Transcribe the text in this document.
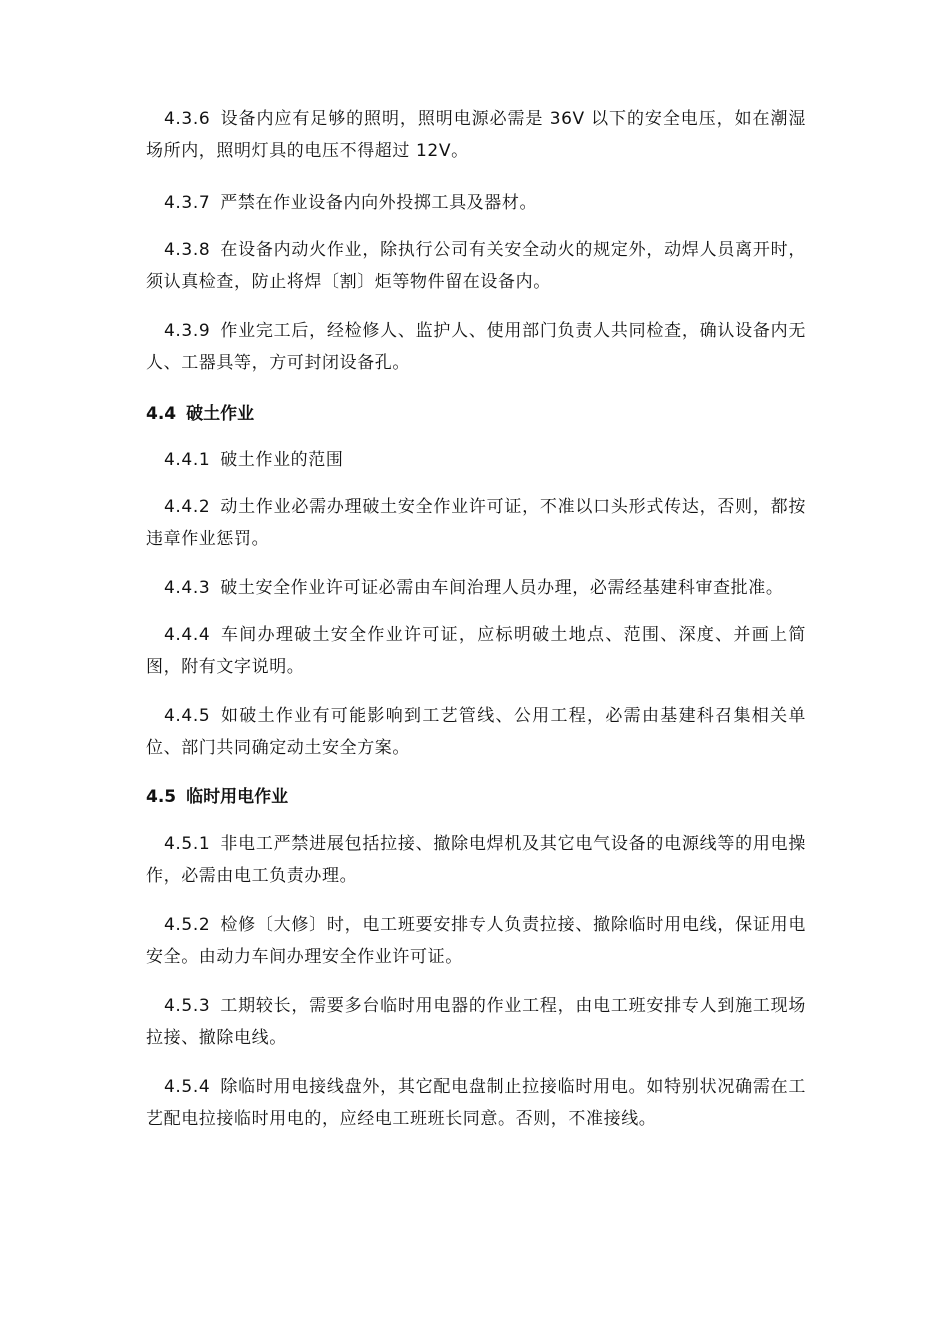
4.3.6 设备内应有足够的照明，照明电源必需是 36V 以下的安全电压，如在潮湿场所内，照明灯具的电压不得超过 12V。

4.3.7 严禁在作业设备内向外投掷工具及器材。

4.3.8 在设备内动火作业，除执行公司有关安全动火的规定外，动焊人员离开时，须认真检查，防止将焊〔割〕炬等物件留在设备内。

4.3.9 作业完工后，经检修人、监护人、使用部门负责人共同检查，确认设备内无人、工器具等，方可封闭设备孔。

4.4 破土作业

4.4.1 破土作业的范围

4.4.2 动土作业必需办理破土安全作业许可证，不准以口头形式传达，否则，都按违章作业惩罚。

4.4.3 破土安全作业许可证必需由车间治理人员办理，必需经基建科审查批准。

4.4.4 车间办理破土安全作业许可证，应标明破土地点、范围、深度、并画上简图，附有文字说明。

4.4.5 如破土作业有可能影响到工艺管线、公用工程，必需由基建科召集相关单位、部门共同确定动土安全方案。

4.5 临时用电作业

4.5.1 非电工严禁进展包括拉接、撤除电焊机及其它电气设备的电源线等的用电操作，必需由电工负责办理。

4.5.2 检修〔大修〕时，电工班要安排专人负责拉接、撤除临时用电线，保证用电安全。由动力车间办理安全作业许可证。

4.5.3 工期较长，需要多台临时用电器的作业工程，由电工班安排专人到施工现场拉接、撤除电线。

4.5.4 除临时用电接线盘外，其它配电盘制止拉接临时用电。如特别状况确需在工艺配电拉接临时用电的，应经电工班班长同意。否则，不准接线。
